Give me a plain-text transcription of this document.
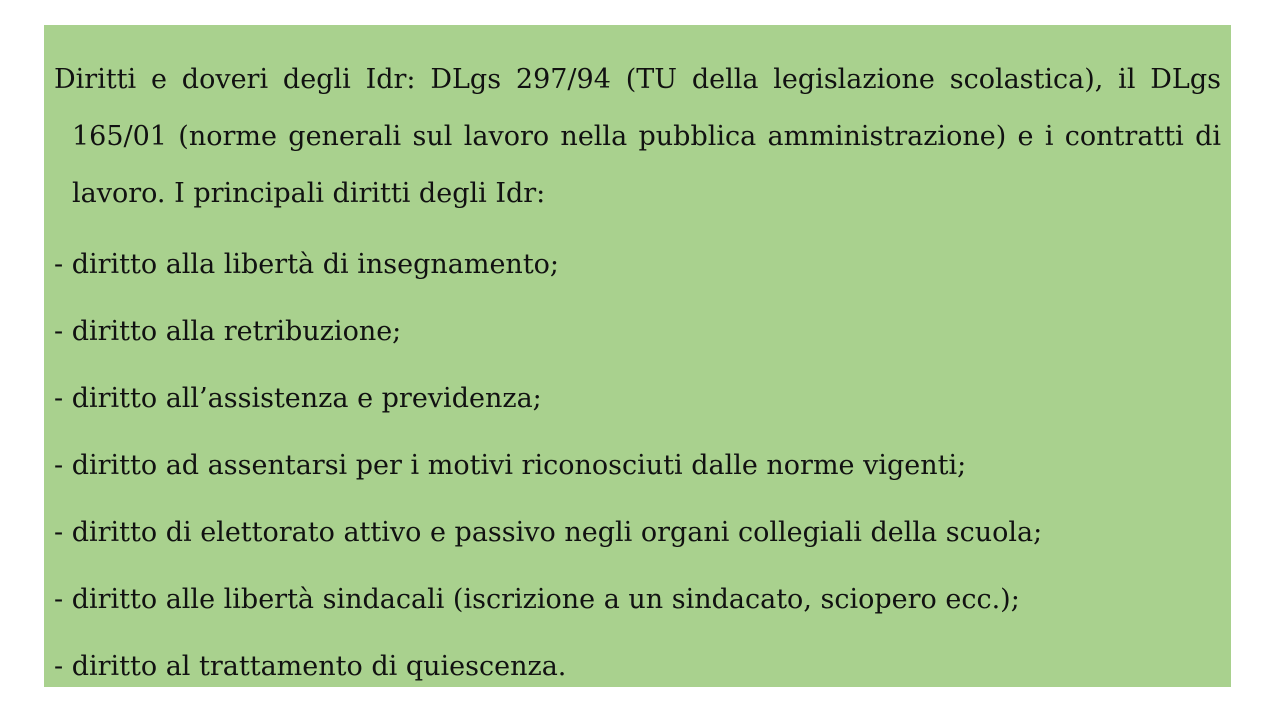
Diritti e doveri degli Idr: DLgs 297/94 (TU della legislazione scolastica), il DLgs 165/01 (norme generali sul lavoro nella pubblica amministrazione) e i contratti di lavoro. I principali diritti degli Idr:

- diritto alla libertà di insegnamento;

- diritto alla retribuzione;

- diritto all’assistenza e previdenza;

- diritto ad assentarsi per i motivi riconosciuti dalle norme vigenti;

- diritto di elettorato attivo e passivo negli organi collegiali della scuola;

- diritto alle libertà sindacali (iscrizione a un sindacato, sciopero ecc.);

- diritto al trattamento di quiescenza.
